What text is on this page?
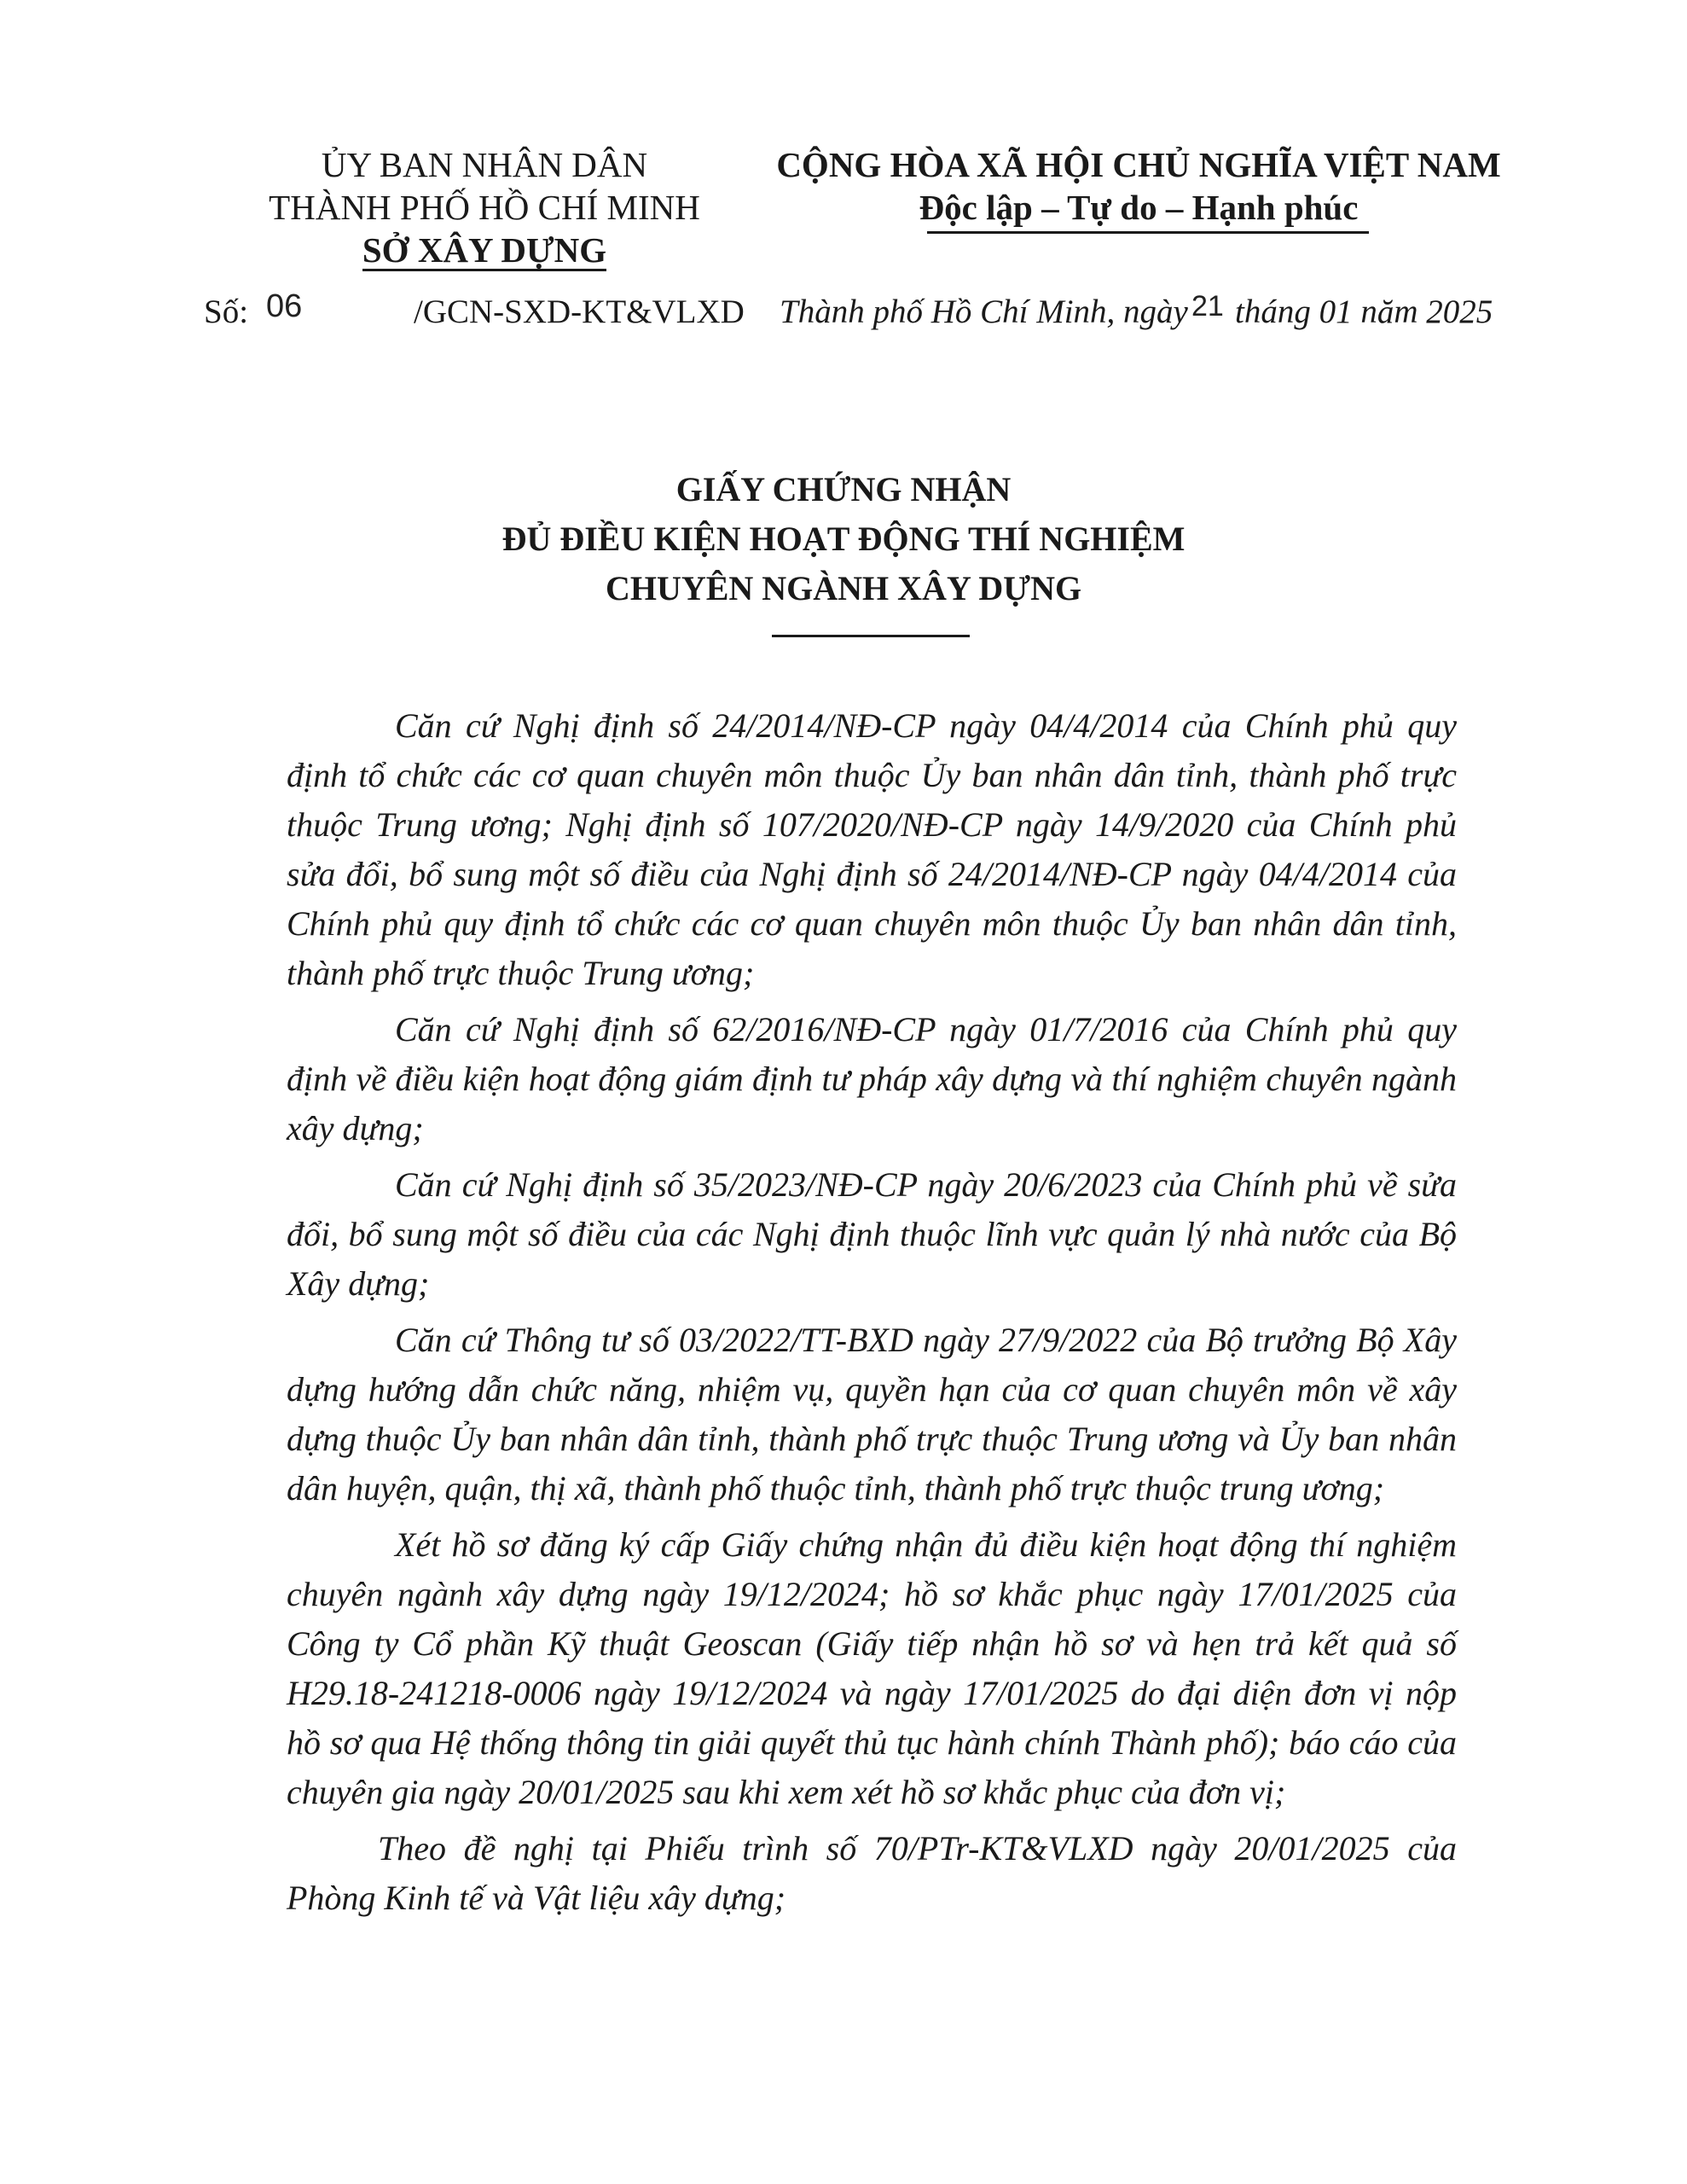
ỦY BAN NHÂN DÂN
THÀNH PHỐ HỒ CHÍ MINH
SỞ XÂY DỰNG
CỘNG HÒA XÃ HỘI CHỦ NGHĨA VIỆT NAM
Độc lập – Tự do – Hạnh phúc
Số: 06	/GCN-SXD-KT&VLXD Thành phố Hồ Chí Minh, ngày 21 tháng 01 năm 2025
GIẤY CHỨNG NHẬN
ĐỦ ĐIỀU KIỆN HOẠT ĐỘNG THÍ NGHIỆM
CHUYÊN NGÀNH XÂY DỰNG

Căn cứ Nghị định số 24/2014/NĐ-CP ngày 04/4/2014 của Chính phủ quy định tổ chức các cơ quan chuyên môn thuộc Ủy ban nhân dân tỉnh, thành phố trực thuộc Trung ương; Nghị định số 107/2020/NĐ-CP ngày 14/9/2020 của Chính phủ sửa đổi, bổ sung một số điều của Nghị định số 24/2014/NĐ-CP ngày 04/4/2014 của Chính phủ quy định tổ chức các cơ quan chuyên môn thuộc Ủy ban nhân dân tỉnh, thành phố trực thuộc Trung ương;

Căn cứ Nghị định số 62/2016/NĐ-CP ngày 01/7/2016 của Chính phủ quy định về điều kiện hoạt động giám định tư pháp xây dựng và thí nghiệm chuyên ngành xây dựng;

Căn cứ Nghị định số 35/2023/NĐ-CP ngày 20/6/2023 của Chính phủ về sửa đổi, bổ sung một số điều của các Nghị định thuộc lĩnh vực quản lý nhà nước của Bộ Xây dựng;

Căn cứ Thông tư số 03/2022/TT-BXD ngày 27/9/2022 của Bộ trưởng Bộ Xây dựng hướng dẫn chức năng, nhiệm vụ, quyền hạn của cơ quan chuyên môn về xây dựng thuộc Ủy ban nhân dân tỉnh, thành phố trực thuộc Trung ương và Ủy ban nhân dân huyện, quận, thị xã, thành phố thuộc tỉnh, thành phố trực thuộc trung ương;

Xét hồ sơ đăng ký cấp Giấy chứng nhận đủ điều kiện hoạt động thí nghiệm chuyên ngành xây dựng ngày 19/12/2024; hồ sơ khắc phục ngày 17/01/2025 của Công ty Cổ phần Kỹ thuật Geoscan (Giấy tiếp nhận hồ sơ và hẹn trả kết quả số H29.18-241218-0006 ngày 19/12/2024 và ngày 17/01/2025 do đại diện đơn vị nộp hồ sơ qua Hệ thống thông tin giải quyết thủ tục hành chính Thành phố); báo cáo của chuyên gia ngày 20/01/2025 sau khi xem xét hồ sơ khắc phục của đơn vị;

Theo đề nghị tại Phiếu trình số 70/PTr-KT&VLXD ngày 20/01/2025 của Phòng Kinh tế và Vật liệu xây dựng;
